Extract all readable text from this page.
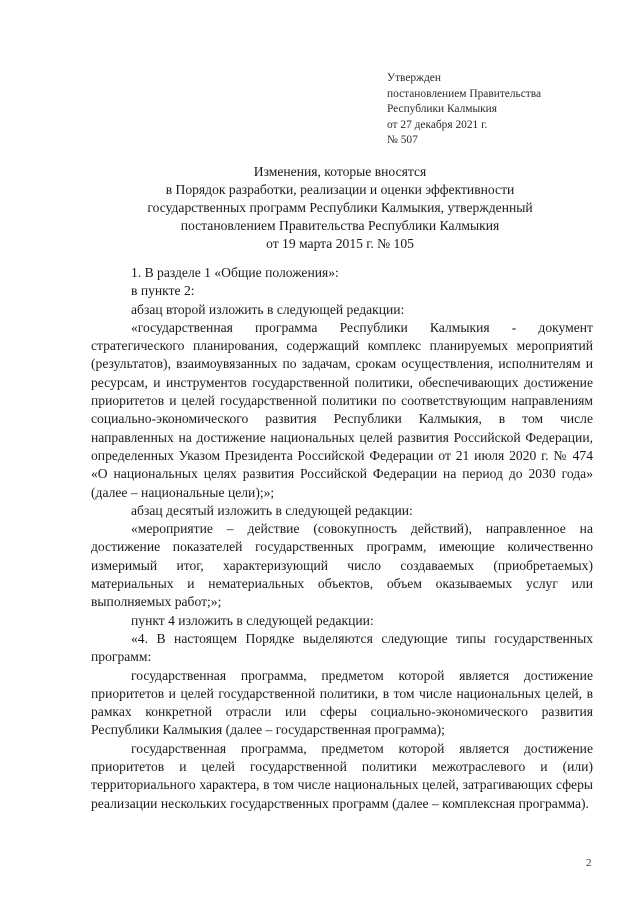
Утвержден
постановлением Правительства
Республики Калмыкия
от 27 декабря 2021 г.
№ 507
Изменения, которые вносятся
в Порядок разработки, реализации и оценки эффективности
государственных программ Республики Калмыкия, утвержденный
постановлением Правительства Республики Калмыкия
от 19 марта 2015 г. № 105

1. В разделе 1 «Общие положения»:

в пункте 2:

абзац второй изложить в следующей редакции:

«государственная программа Республики Калмыкия - документ стратегического планирования, содержащий комплекс планируемых мероприятий (результатов), взаимоувязанных по задачам, срокам осуществления, исполнителям и ресурсам, и инструментов государственной политики, обеспечивающих достижение приоритетов и целей государственной политики по соответствующим направлениям социально-экономического развития Республики Калмыкия, в том числе направленных на достижение национальных целей развития Российской Федерации, определенных Указом Президента Российской Федерации от 21 июля 2020 г. № 474 «О национальных целях развития Российской Федерации на период до 2030 года» (далее – национальные цели);»;

абзац десятый изложить в следующей редакции:

«мероприятие – действие (совокупность действий), направленное на достижение показателей государственных программ, имеющие количественно измеримый итог, характеризующий число создаваемых (приобретаемых) материальных и нематериальных объектов, объем оказываемых услуг или выполняемых работ;»;

пункт 4 изложить в следующей редакции:

«4. В настоящем Порядке выделяются следующие типы государственных программ:

государственная программа, предметом которой является достижение приоритетов и целей государственной политики, в том числе национальных целей, в рамках конкретной отрасли или сферы социально-экономического развития Республики Калмыкия (далее – государственная программа);

государственная программа, предметом которой является достижение приоритетов и целей государственной политики межотраслевого и (или) территориального характера, в том числе национальных целей, затрагивающих сферы реализации нескольких государственных программ (далее – комплексная программа).

2
